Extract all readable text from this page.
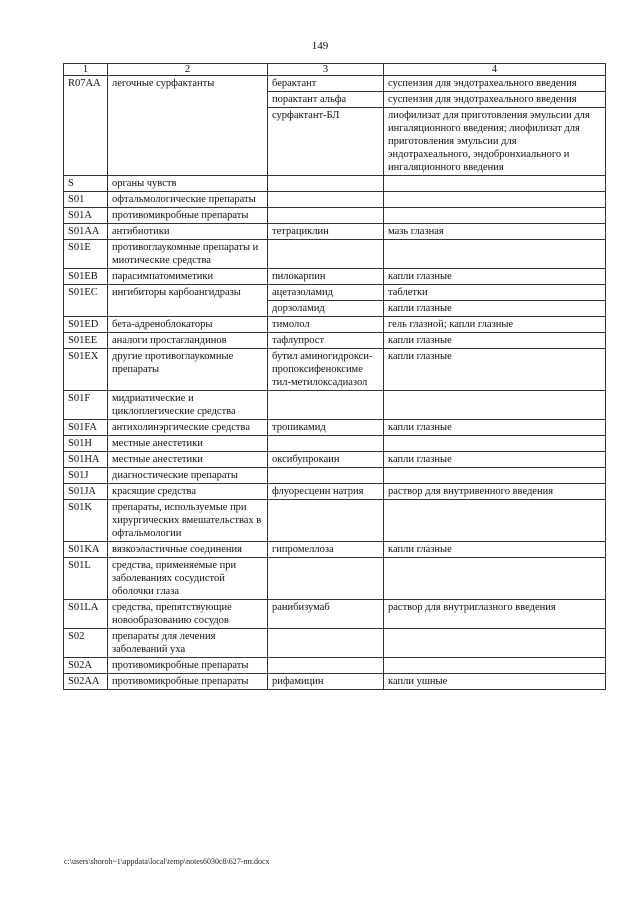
149
1	2	3	4
R07AA	легочные сурфактанты	берактант	суспензия для эндотрахеального введения
		порактант альфа	суспензия для эндотрахеального введения
		сурфактант-БЛ	лиофилизат для приготовления эмульсии для ингаляционного введения; лиофилизат для приготовления эмульсии для эндотрахеального, эндобронхиального и ингаляционного введения
S	органы чувств		
S01	офтальмологические препараты		
S01A	противомикробные препараты		
S01AA	антибиотики	тетрациклин	мазь глазная
S01E	противоглаукомные препараты и миотические средства		
S01EB	парасимпатомиметики	пилокарпин	капли глазные
S01EC	ингибиторы карбоангидразы	ацетазоламид	таблетки
		дорзоламид	капли глазные
S01ED	бета-адреноблокаторы	тимолол	гель глазной; капли глазные
S01EE	аналоги простагландинов	тафлупрост	капли глазные
S01EX	другие противоглаукомные препараты	бутил аминогидрокси-пропоксифеноксиме тил-метилоксадиазол	капли глазные
S01F	мидриатические и циклоплегические средства		
S01FA	антихолинэргические средства	тропикамид	капли глазные
S01H	местные анестетики		
S01HA	местные анестетики	оксибупрокаин	капли глазные
S01J	диагностические препараты		
S01JA	красящие средства	флуоресцеин натрия	раствор для внутривенного введения
S01K	препараты, используемые при хирургических вмешательствах в офтальмологии		
S01KA	вязкоэластичные соединения	гипромеллоза	капли глазные
S01L	средства, применяемые при заболеваниях сосудистой оболочки глаза		
S01LA	средства, препятствующие новообразованию сосудов	ранибизумаб	раствор для внутриглазного введения
S02	препараты для лечения заболеваний уха		
S02A	противомикробные препараты		
S02AA	противомикробные препараты	рифамицин	капли ушные
c:\users\shoroh~1\appdata\local\temp\notes6030c8\627-пп.docx
